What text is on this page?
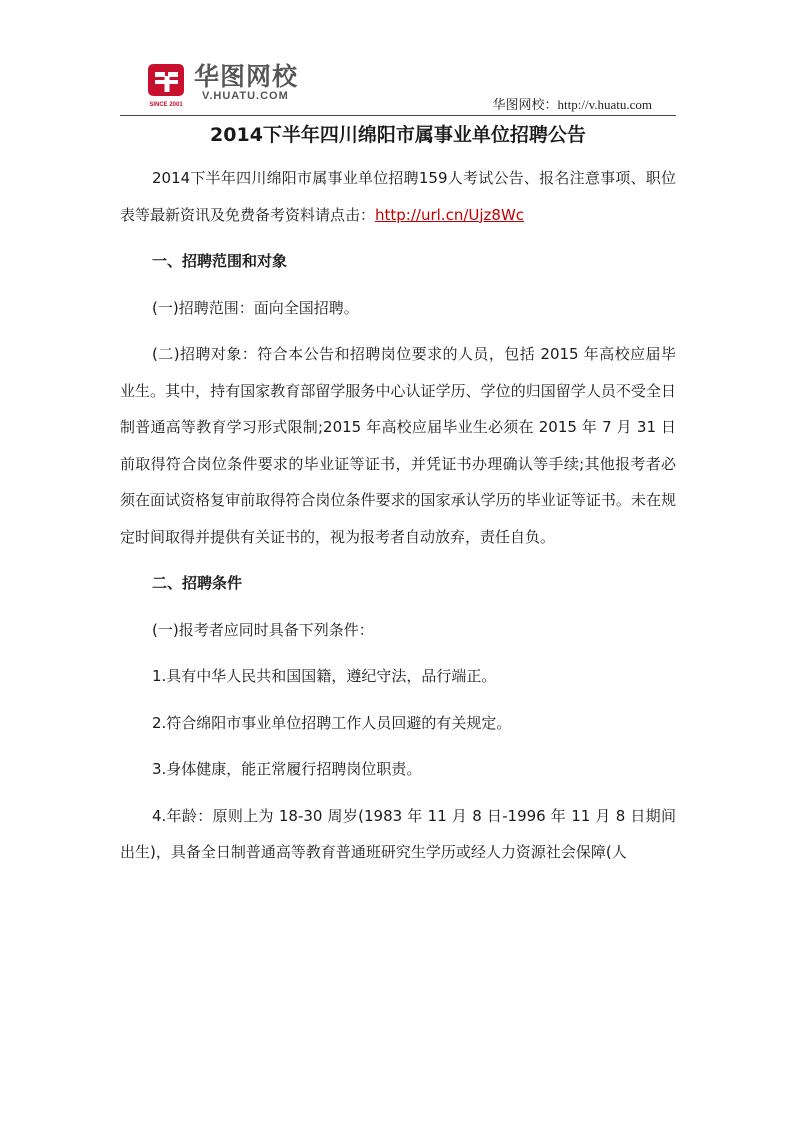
SINCE 2001
华图网校
V.HUATU.COM
华图网校：http://v.huatu.com
2014下半年四川绵阳市属事业单位招聘公告

2014下半年四川绵阳市属事业单位招聘159人考试公告、报名注意事项、职位表等最新资讯及免费备考资料请点击：http://url.cn/Ujz8Wc

一、招聘范围和对象

(一)招聘范围：面向全国招聘。

(二)招聘对象：符合本公告和招聘岗位要求的人员，包括 2015 年高校应届毕业生。其中，持有国家教育部留学服务中心认证学历、学位的归国留学人员不受全日制普通高等教育学习形式限制;2015 年高校应届毕业生必须在 2015 年 7 月 31 日前取得符合岗位条件要求的毕业证等证书，并凭证书办理确认等手续;其他报考者必须在面试资格复审前取得符合岗位条件要求的国家承认学历的毕业证等证书。未在规定时间取得并提供有关证书的，视为报考者自动放弃，责任自负。

二、招聘条件

(一)报考者应同时具备下列条件：

1.具有中华人民共和国国籍，遵纪守法，品行端正。

2.符合绵阳市事业单位招聘工作人员回避的有关规定。

3.身体健康，能正常履行招聘岗位职责。

4.年龄：原则上为 18-30 周岁(1983 年 11 月 8 日-1996 年 11 月 8 日期间出生)，具备全日制普通高等教育普通班研究生学历或经人力资源社会保障(人
